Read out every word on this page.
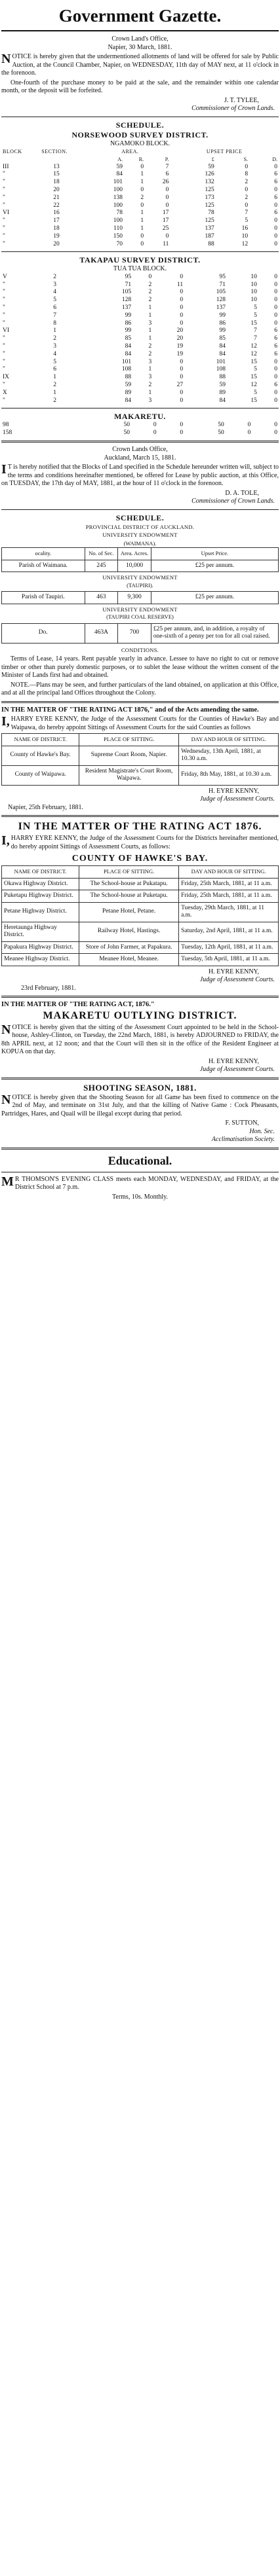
Government Gazette.
Crown Land's Office,
Napier, 30 March, 1881.

NOTICE is hereby given that the undermentioned allotments of land will be offered for sale by Public Auction, at the Council Chamber, Napier, on WEDNESDAY, 11th day of MAY next, at 11 o'clock in the forenoon.

One-fourth of the purchase money to be paid at the sale, and the remainder within one calendar month, or the deposit will be forfeited.

J. T. TYLEE,
Commissioner of Crown Lands.
SCHEDULE.
NORSEWOOD SURVEY DISTRICT.
NGAMOKO BLOCK.
BLOCK	SECTION.	AREA.			UPSET PRICE		
		A.	R.	P.	£	S.	D.
III	13	59	0	7	59	0	0
"	15	84	1	6	126	8	6
"	18	101	1	26	132	2	6
"	20	100	0	0	125	0	0
"	21	138	2	0	173	2	6
"	22	100	0	0	125	0	0
VI	16	78	1	17	78	7	6
"	17	100	1	17	125	5	0
"	18	110	1	25	137	16	0
"	19	150	0	0	187	10	0
"	20	70	0	11	88	12	0
TAKAPAU SURVEY DISTRICT.
TUA TUA BLOCK.
V	2	95	0	0	95	10	0
"	3	71	2	11	71	10	0
"	4	105	2	0	105	10	0
"	5	128	2	0	128	10	0
"	6	137	1	0	137	5	0
"	7	99	1	0	99	5	0
"	8	86	3	0	86	15	0
VI	1	99	1	20	99	7	6
"	2	85	1	20	85	7	6
"	3	84	2	19	84	12	6
"	4	84	2	19	84	12	6
"	5	101	3	0	101	15	0
"	6	108	1	0	108	5	0
IX	1	88	3	0	88	15	0
"	2	59	2	27	59	12	6
X	1	89	1	0	89	5	0
"	2	84	3	0	84	15	0
MAKARETU.
98		50	0	0	50	0	0
158		50	0	0	50	0	0
Crown Lands Office,
Auckland, March 15, 1881.

IT is hereby notified that the Blocks of Land specified in the Schedule hereunder written will, subject to the terms and conditions hereinafter mentioned, be offered for Lease by public auction, at this Office, on TUESDAY, the 17th day of MAY, 1881, at the hour of 11 o'clock in the forenoon.

D. A. TOLE,
Commissioner of Crown Lands.
SCHEDULE.
PROVINCIAL DISTRICT OF AUCKLAND.
UNIVERSITY ENDOWMENT
(WAIMANA).
ocality.	No. of Sec.	Area. Acres.	Upset Price.
Parish of Waimana.	245	10,000	£25 per annum.

UNIVERSITY ENDOWMENT
(TAUPIRI).			

Parish of Taupiri.	463	9,300	£25 per annum.

UNIVERSITY ENDOWMENT
(TAUPIRI COAL RESERVE)			

Do.	463A	700	£25 per annum, and, in addition, a royalty of one-sixth of a penny per ton for all coal raised.
CONDITIONS.

Terms of Lease, 14 years. Rent payable yearly in advance. Lessee to have no right to cut or remove timber or other than purely domestic purposes, or to sublet the lease without the written consent of the Minister of Lands first had and obtained.

NOTE.—Plans may be seen, and further particulars of the land obtained, on application at this Office, and at all the principal land Offices throughout the Colony.

IN THE MATTER OF "THE RATING ACT 1876," and of the Acts amending the same.

I,HARRY EYRE KENNY, the Judge of the Assessment Courts for the Counties of Hawke's Bay and Waipawa, do hereby appoint Sittings of Assessment Courts for the said Counties as follows

NAME OF DISTRICT.	PLACE OF SITTING.	DAY AND HOUR OF SITTING.
County of Hawke's Bay.	Supreme Court Room, Napier.	Wednesday, 13th April, 1881, at 10.30 a.m.
County of Waipawa.	Resident Magistrate's Court Room, Waipawa.	Friday, 8th May, 1881, at 10.30 a.m.
H. EYRE KENNY,
Judge of Assessment Courts.
Napier, 25th February, 1881.
IN THE MATTER OF THE RATING ACT 1876.

I,HARRY EYRE KENNY, the Judge of the Assessment Courts for the Districts hereinafter mentioned, do hereby appoint Sittings of Assessment Courts, as follows:

COUNTY OF HAWKE'S BAY.
NAME OF DISTRICT.	PLACE OF SITTING.	DAY AND HOUR OF SITTING.
Okawa Highway District.	The School-house at Pukatapu.	Friday, 25th March, 1881, at 11 a.m.
Puketapu Highway District.	The School-house at Puketapu.	Friday, 25th March, 1881, at 11 a.m.
Petane Highway District.	Petane Hotel, Petane.	Tuesday, 29th March, 1881, at 11 a.m.
Heretaunga Highway District.	Railway Hotel, Hastings.	Saturday, 2nd April, 1881, at 11 a.m.
Papakura Highway District.	Store of John Farmer, at Papakura.	Tuesday, 12th April, 1881, at 11 a.m.
Meanee Highway District.	Meanee Hotel, Meanee.	Tuesday, 5th April, 1881, at 11 a.m.
H. EYRE KENNY,
Judge of Assessment Courts.
23rd February, 1881.
IN THE MATTER OF "THE RATING ACT, 1876."
MAKARETU OUTLYING DISTRICT.

NOTICE is hereby given that the sitting of the Assessment Court appointed to be held in the School-house, Ashley-Clinton, on Tuesday, the 22nd March, 1881, is hereby ADJOURNED to FRIDAY, the 8th APRIL next, at 12 noon; and that the Court will then sit in the office of the Resident Engineer at KOPUA on that day.

H. EYRE KENNY,
Judge of Assessment Courts.
SHOOTING SEASON, 1881.

NOTICE is hereby given that the Shooting Season for all Game has been fixed to commence on the 2nd of May, and terminate on 31st July, and that the killing of Native Game : Cock Pheasants, Partridges, Hares, and Quail will be illegal except during that period.

F. SUTTON,
Hon. Sec.
Acclimatisation Society.
Educational.

MR THOMSON'S EVENING CLASS meets each MONDAY, WEDNESDAY, and FRIDAY, at the District School at 7 p.m.

Terms, 10s. Monthly.
